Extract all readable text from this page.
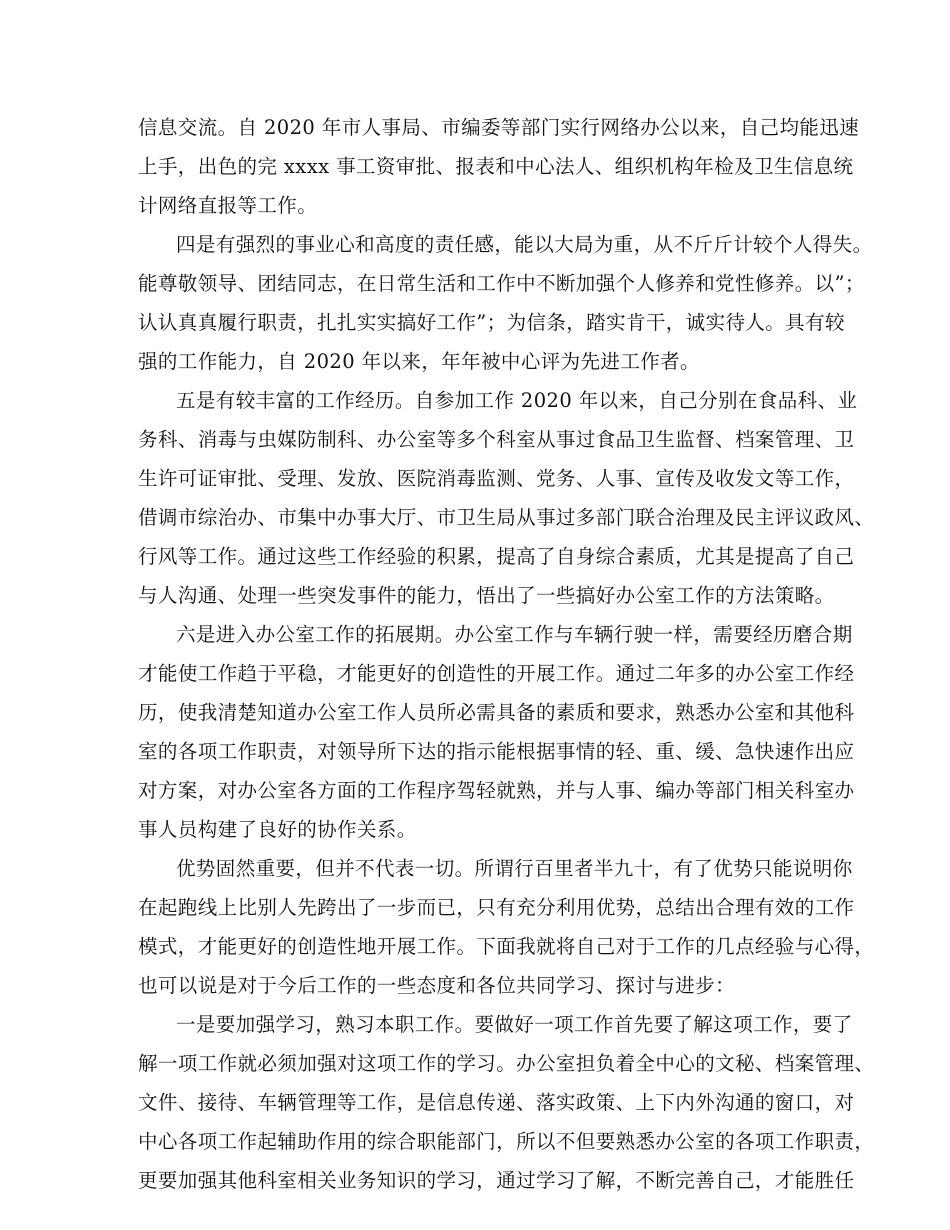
信息交流。自 2020 年市人事局、市编委等部门实行网络办公以来，自己均能迅速
上手，出色的完 xxxx 事工资审批、报表和中心法人、组织机构年检及卫生信息统
计网络直报等工作。
四是有强烈的事业心和高度的责任感，能以大局为重，从不斤斤计较个人得失。
能尊敬领导、团结同志，在日常生活和工作中不断加强个人修养和党性修养。以”；
认认真真履行职责，扎扎实实搞好工作”；为信条，踏实肯干，诚实待人。具有较
强的工作能力，自 2020 年以来，年年被中心评为先进工作者。
五是有较丰富的工作经历。自参加工作 2020 年以来，自己分别在食品科、业
务科、消毒与虫媒防制科、办公室等多个科室从事过食品卫生监督、档案管理、卫
生许可证审批、受理、发放、医院消毒监测、党务、人事、宣传及收发文等工作，
借调市综治办、市集中办事大厅、市卫生局从事过多部门联合治理及民主评议政风、
行风等工作。通过这些工作经验的积累，提高了自身综合素质，尤其是提高了自己
与人沟通、处理一些突发事件的能力，悟出了一些搞好办公室工作的方法策略。
六是进入办公室工作的拓展期。办公室工作与车辆行驶一样，需要经历磨合期
才能使工作趋于平稳，才能更好的创造性的开展工作。通过二年多的办公室工作经
历，使我清楚知道办公室工作人员所必需具备的素质和要求，熟悉办公室和其他科
室的各项工作职责，对领导所下达的指示能根据事情的轻、重、缓、急快速作出应
对方案，对办公室各方面的工作程序驾轻就熟，并与人事、编办等部门相关科室办
事人员构建了良好的协作关系。
优势固然重要，但并不代表一切。所谓行百里者半九十，有了优势只能说明你
在起跑线上比别人先跨出了一步而已，只有充分利用优势，总结出合理有效的工作
模式，才能更好的创造性地开展工作。下面我就将自己对于工作的几点经验与心得，
也可以说是对于今后工作的一些态度和各位共同学习、探讨与进步：
一是要加强学习，熟习本职工作。要做好一项工作首先要了解这项工作，要了
解一项工作就必须加强对这项工作的学习。办公室担负着全中心的文秘、档案管理、
文件、接待、车辆管理等工作，是信息传递、落实政策、上下内外沟通的窗口，对
中心各项工作起辅助作用的综合职能部门，所以不但要熟悉办公室的各项工作职责，
更要加强其他科室相关业务知识的学习，通过学习了解，不断完善自己，才能胜任
